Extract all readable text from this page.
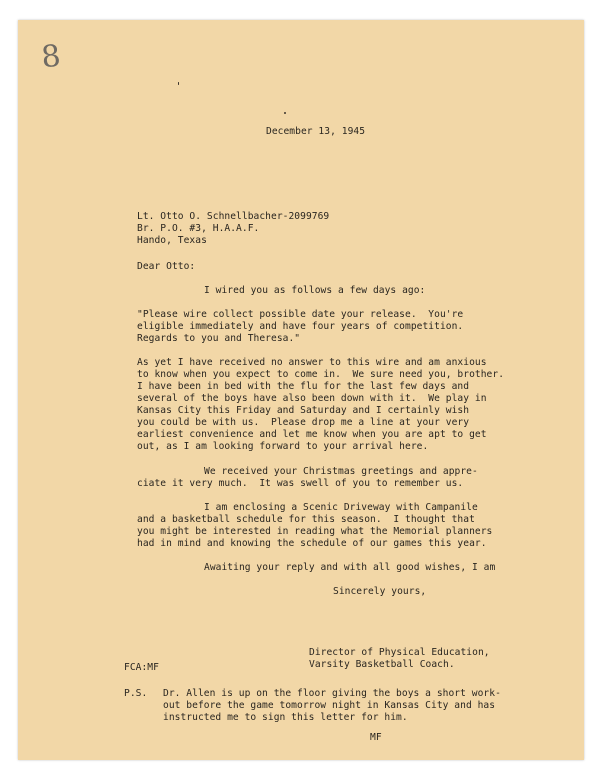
8
December 13, 1945
Lt. Otto O. Schnellbacher-2099769
Br. P.O. #3, H.A.A.F.
Hando, Texas
Dear Otto:
I wired you as follows a few days ago:
"Please wire collect possible date your release.  You're
eligible immediately and have four years of competition.
Regards to you and Theresa."
As yet I have received no answer to this wire and am anxious
to know when you expect to come in.  We sure need you, brother.
I have been in bed with the flu for the last few days and
several of the boys have also been down with it.  We play in
Kansas City this Friday and Saturday and I certainly wish
you could be with us.  Please drop me a line at your very
earliest convenience and let me know when you are apt to get
out, as I am looking forward to your arrival here.
We received your Christmas greetings and appre-
ciate it very much.  It was swell of you to remember us.
I am enclosing a Scenic Driveway with Campanile
and a basketball schedule for this season.  I thought that
you might be interested in reading what the Memorial planners
had in mind and knowing the schedule of our games this year.
Awaiting your reply and with all good wishes, I am
Sincerely yours,
Director of Physical Education,
Varsity Basketball Coach.
FCA:MF
P.S. Dr. Allen is up on the floor giving the boys a short work-
out before the game tomorrow night in Kansas City and has
instructed me to sign this letter for him.
MF
